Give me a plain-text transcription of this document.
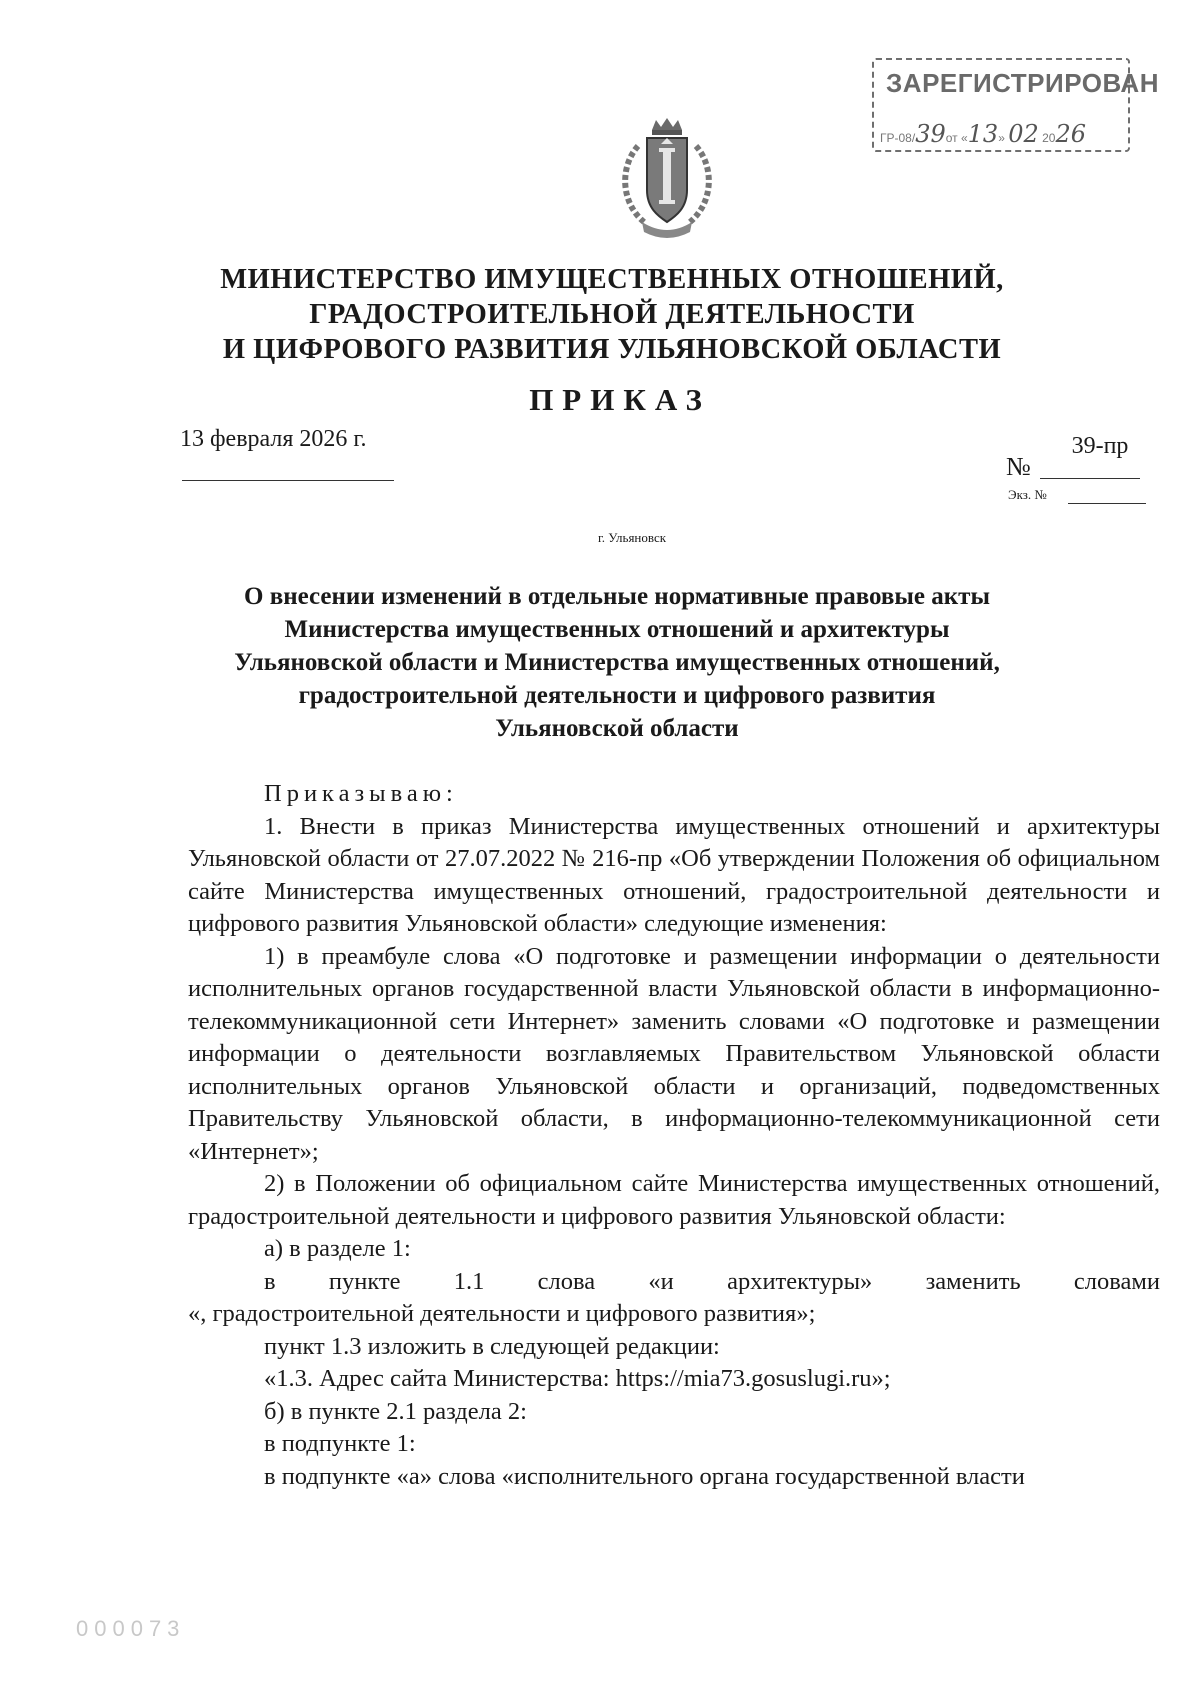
ЗАРЕГИСТРИРОВАН
ГР-08/39от «13» 02 2026
МИНИСТЕРСТВО ИМУЩЕСТВЕННЫХ ОТНОШЕНИЙ,
ГРАДОСТРОИТЕЛЬНОЙ ДЕЯТЕЛЬНОСТИ
И ЦИФРОВОГО РАЗВИТИЯ УЛЬЯНОВСКОЙ ОБЛАСТИ
ПРИКАЗ
13 февраля 2026 г.
№
39-пр
Экз. №
г. Ульяновск
О внесении изменений в отдельные нормативные правовые акты
Министерства имущественных отношений и архитектуры
Ульяновской области и Министерства имущественных отношений,
градостроительной деятельности и цифрового развития
Ульяновской области

Приказываю:

1. Внести в приказ Министерства имущественных отношений и архитектуры Ульяновской области от 27.07.2022 № 216-пр «Об утверждении Положения об официальном сайте Министерства имущественных отношений, градостроительной деятельности и цифрового развития Ульяновской области» следующие изменения:

1) в преамбуле слова «О подготовке и размещении информации о деятельности исполнительных органов государственной власти Ульяновской области в информационно-телекоммуникационной сети Интернет» заменить словами «О подготовке и размещении информации о деятельности возглавляемых Правительством Ульяновской области исполнительных органов Ульяновской области и организаций, подведомственных Правительству Ульяновской области, в информационно-телекоммуникационной сети «Интернет»;

2) в Положении об официальном сайте Министерства имущественных отношений, градостроительной деятельности и цифрового развития Ульяновской области:

а) в разделе 1:

в пункте 1.1 слова «и архитектуры» заменить словами

«, градостроительной деятельности и цифрового развития»;

пункт 1.3 изложить в следующей редакции:

«1.3. Адрес сайта Министерства: https://mia73.gosuslugi.ru»;

б) в пункте 2.1 раздела 2:

в подпункте 1:

в подпункте «а» слова «исполнительного органа государственной власти

000073
